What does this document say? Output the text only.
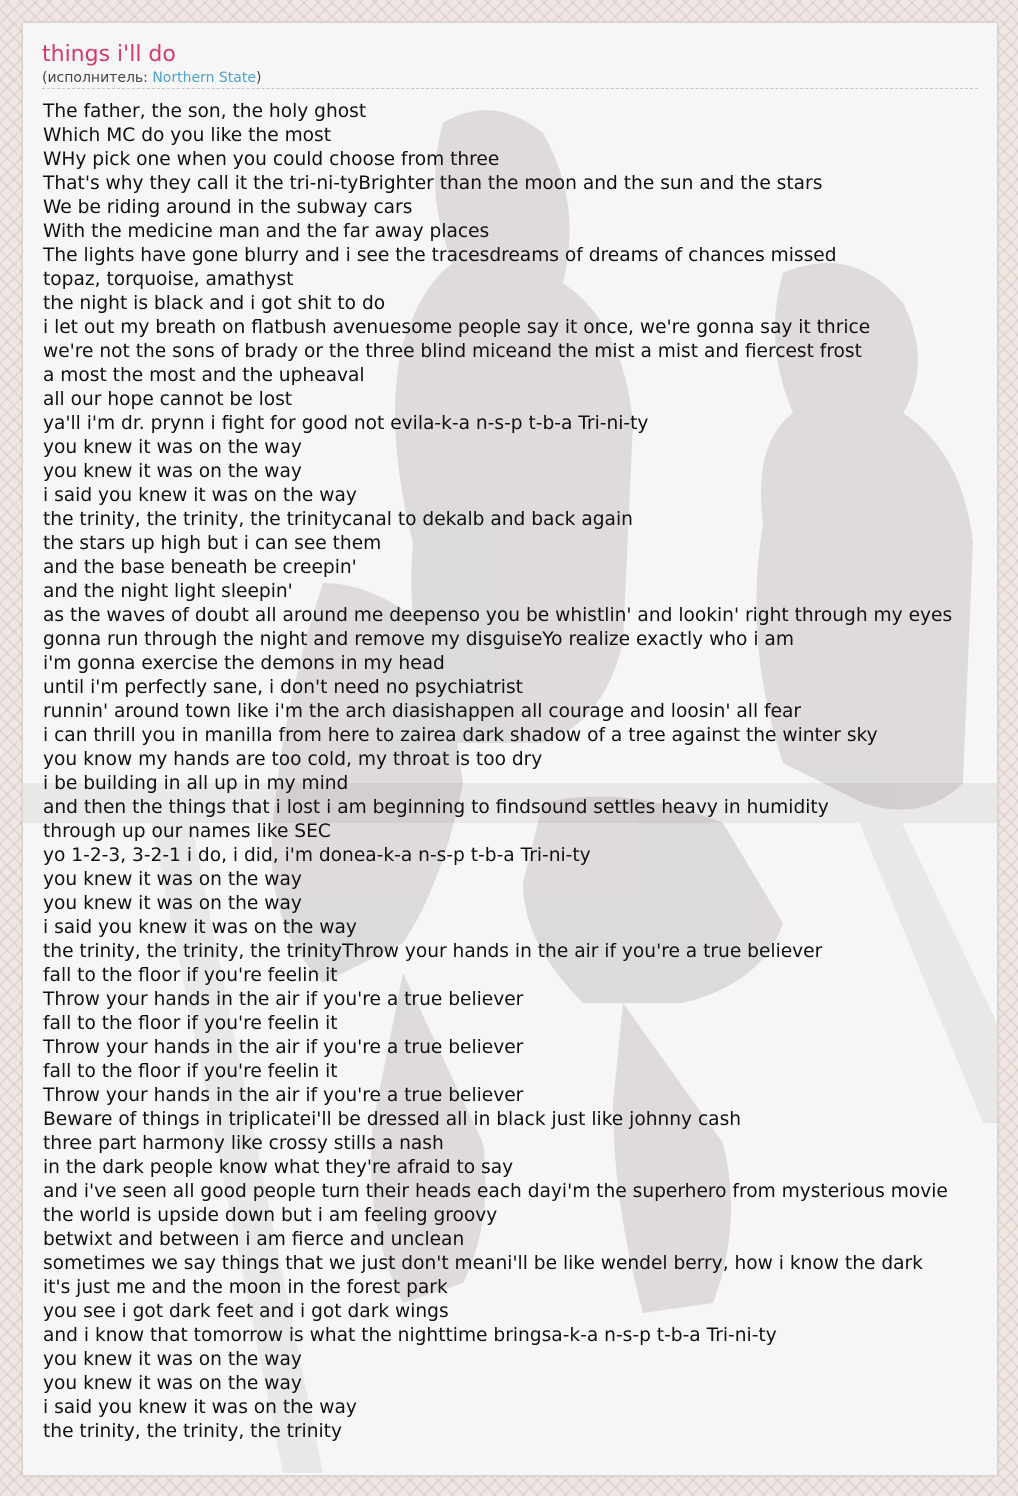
things i'll do
(исполнитель: Northern State)
The father, the son, the holy ghost
Which MC do you like the most
WHy pick one when you could choose from three
That's why they call it the tri-ni-tyBrighter than the moon and the sun and the stars
We be riding around in the subway cars
With the medicine man and the far away places
The lights have gone blurry and i see the tracesdreams of dreams of chances missed
topaz, torquoise, amathyst
the night is black and i got shit to do
i let out my breath on flatbush avenuesome people say it once, we're gonna say it thrice
we're not the sons of brady or the three blind miceand the mist a mist and fiercest frost
a most the most and the upheaval
all our hope cannot be lost
ya'll i'm dr. prynn i fight for good not evila-k-a n-s-p t-b-a Tri-ni-ty
you knew it was on the way
you knew it was on the way
i said you knew it was on the way
the trinity, the trinity, the trinitycanal to dekalb and back again
the stars up high but i can see them
and the base beneath be creepin'
and the night light sleepin'
as the waves of doubt all around me deepenso you be whistlin' and lookin' right through my eyes
gonna run through the night and remove my disguiseYo realize exactly who i am
i'm gonna exercise the demons in my head
until i'm perfectly sane, i don't need no psychiatrist
runnin' around town like i'm the arch diasishappen all courage and loosin' all fear
i can thrill you in manilla from here to zairea dark shadow of a tree against the winter sky
you know my hands are too cold, my throat is too dry
i be building in all up in my mind
and then the things that i lost i am beginning to findsound settles heavy in humidity
through up our names like SEC
yo 1-2-3, 3-2-1 i do, i did, i'm donea-k-a n-s-p t-b-a Tri-ni-ty
you knew it was on the way
you knew it was on the way
i said you knew it was on the way
the trinity, the trinity, the trinityThrow your hands in the air if you're a true believer
fall to the floor if you're feelin it
Throw your hands in the air if you're a true believer
fall to the floor if you're feelin it
Throw your hands in the air if you're a true believer
fall to the floor if you're feelin it
Throw your hands in the air if you're a true believer
Beware of things in triplicatei'll be dressed all in black just like johnny cash
three part harmony like crossy stills a nash
in the dark people know what they're afraid to say
and i've seen all good people turn their heads each dayi'm the superhero from mysterious movie
the world is upside down but i am feeling groovy
betwixt and between i am fierce and unclean
sometimes we say things that we just don't meani'll be like wendel berry, how i know the dark
it's just me and the moon in the forest park
you see i got dark feet and i got dark wings
and i know that tomorrow is what the nighttime bringsa-k-a n-s-p t-b-a Tri-ni-ty
you knew it was on the way
you knew it was on the way
i said you knew it was on the way
the trinity, the trinity, the trinity
